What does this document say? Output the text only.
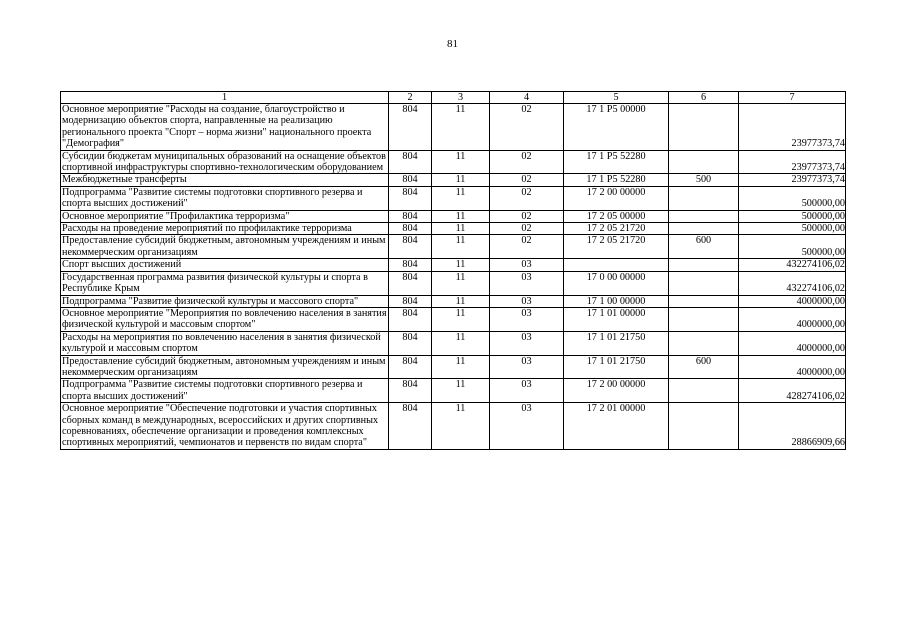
81
1	2	3	4	5	6	7
Основное мероприятие "Расходы на создание, благоустройство и модернизацию объектов спорта, направленные на реализацию регионального проекта "Спорт – норма жизни" национального проекта "Демография"	804	11	02	17 1 P5 00000		23977373,74
Субсидии бюджетам муниципальных образований на оснащение объектов спортивной инфраструктуры спортивно-технологическим оборудованием	804	11	02	17 1 P5 52280		23977373,74
Межбюджетные трансферты	804	11	02	17 1 P5 52280	500	23977373,74
Подпрограмма "Развитие системы подготовки спортивного резерва и спорта высших достижений"	804	11	02	17 2 00 00000		500000,00
Основное мероприятие "Профилактика терроризма"	804	11	02	17 2 05 00000		500000,00
Расходы на проведение мероприятий по профилактике терроризма	804	11	02	17 2 05 21720		500000,00
Предоставление субсидий бюджетным, автономным учреждениям и иным некоммерческим организациям	804	11	02	17 2 05 21720	600	500000,00
Спорт высших достижений	804	11	03			432274106,02
Государственная программа развития физической культуры и спорта в Республике Крым	804	11	03	17 0 00 00000		432274106,02
Подпрограмма "Развитие физической культуры и массового спорта"	804	11	03	17 1 00 00000		4000000,00
Основное мероприятие "Мероприятия по вовлечению населения в занятия физической культурой и массовым спортом"	804	11	03	17 1 01 00000		4000000,00
Расходы на мероприятия по вовлечению населения в занятия физической культурой и массовым спортом	804	11	03	17 1 01 21750		4000000,00
Предоставление субсидий бюджетным, автономным учреждениям и иным некоммерческим организациям	804	11	03	17 1 01 21750	600	4000000,00
Подпрограмма "Развитие системы подготовки спортивного резерва и спорта высших достижений"	804	11	03	17 2 00 00000		428274106,02
Основное мероприятие "Обеспечение подготовки и участия спортивных сборных команд в международных, всероссийских и других спортивных соревнованиях, обеспечение организации и проведения комплексных спортивных мероприятий, чемпионатов и первенств по видам спорта"	804	11	03	17 2 01 00000		28866909,66
